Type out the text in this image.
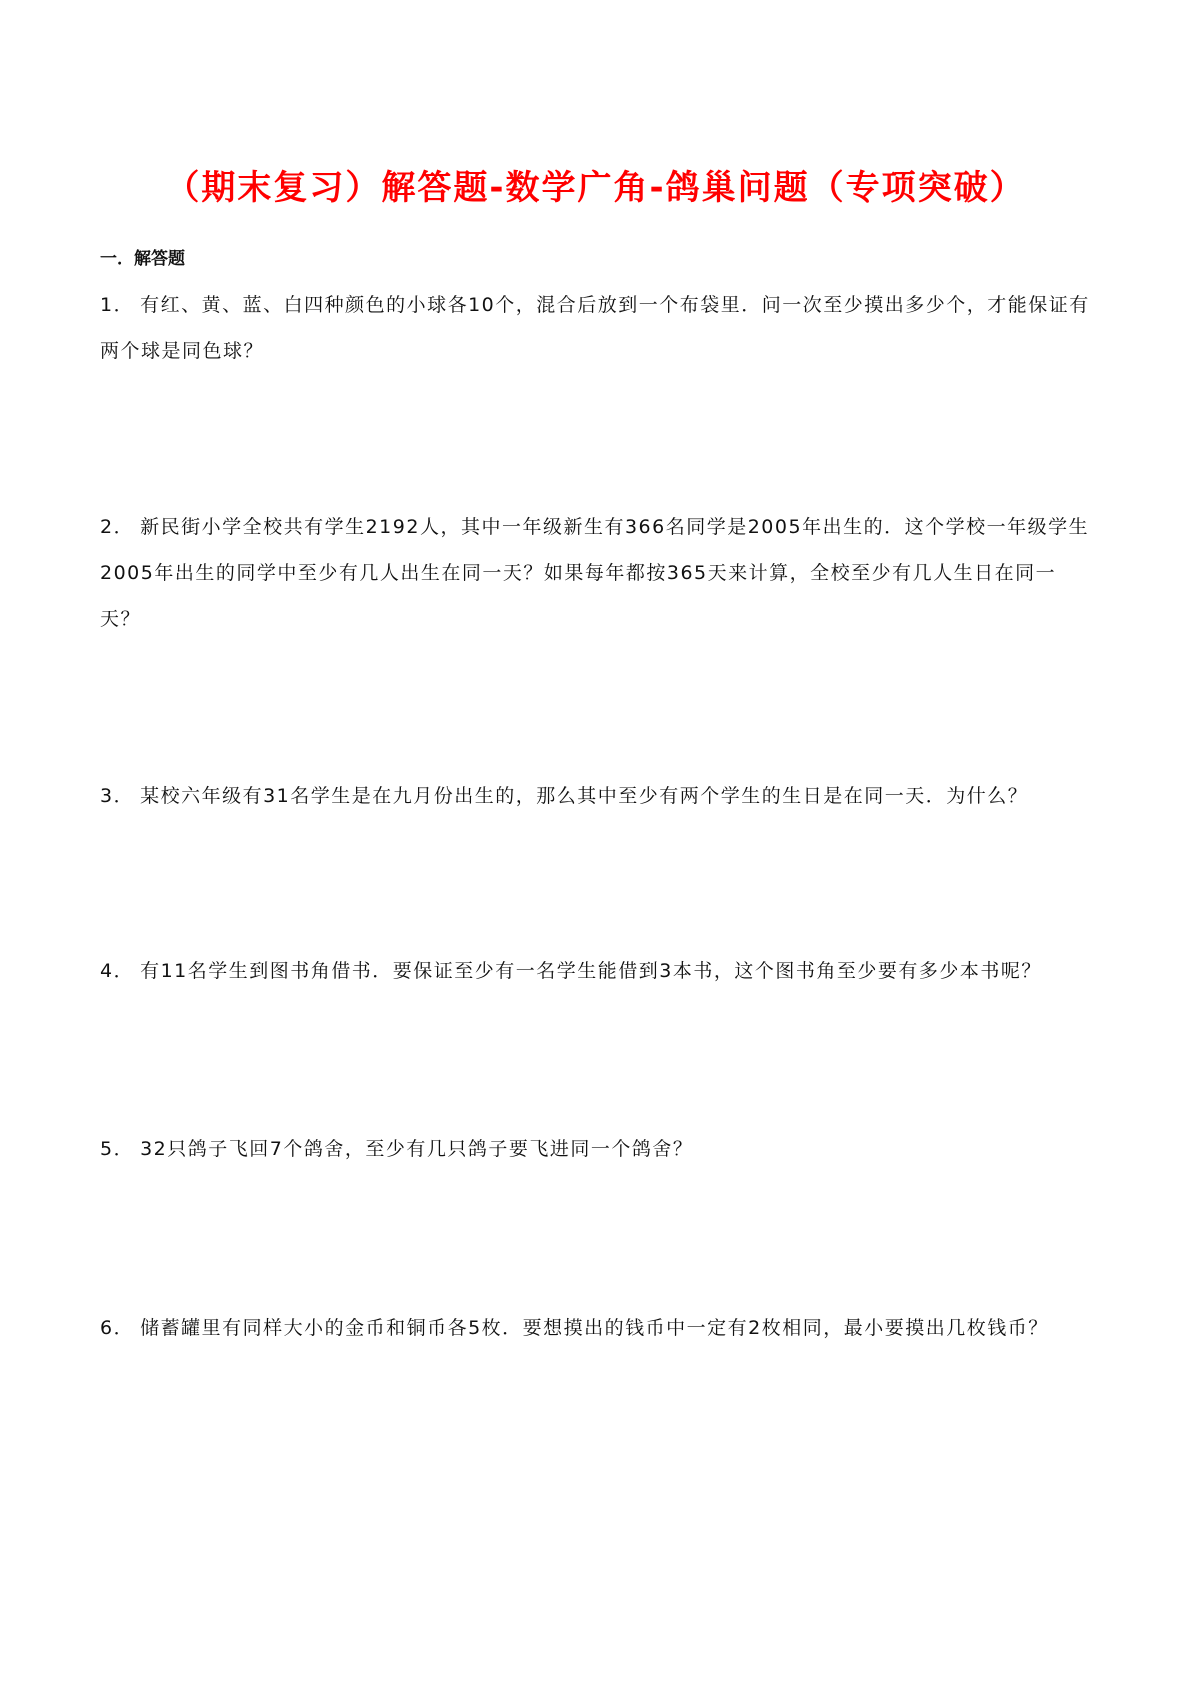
（期末复习）解答题-数学广角-鸽巢问题（专项突破）
一．解答题
1． 有红、黄、蓝、白四种颜色的小球各10个，混合后放到一个布袋里．问一次至少摸出多少个，才能保证有两个球是同色球？
2． 新民街小学全校共有学生2192人，其中一年级新生有366名同学是2005年出生的．这个学校一年级学生2005年出生的同学中至少有几人出生在同一天？如果每年都按365天来计算，全校至少有几人生日在同一天？
3． 某校六年级有31名学生是在九月份出生的，那么其中至少有两个学生的生日是在同一天．为什么？
4． 有11名学生到图书角借书．要保证至少有一名学生能借到3本书，这个图书角至少要有多少本书呢？
5． 32只鸽子飞回7个鸽舍，至少有几只鸽子要飞进同一个鸽舍？
6． 储蓄罐里有同样大小的金币和铜币各5枚．要想摸出的钱币中一定有2枚相同，最小要摸出几枚钱币？
